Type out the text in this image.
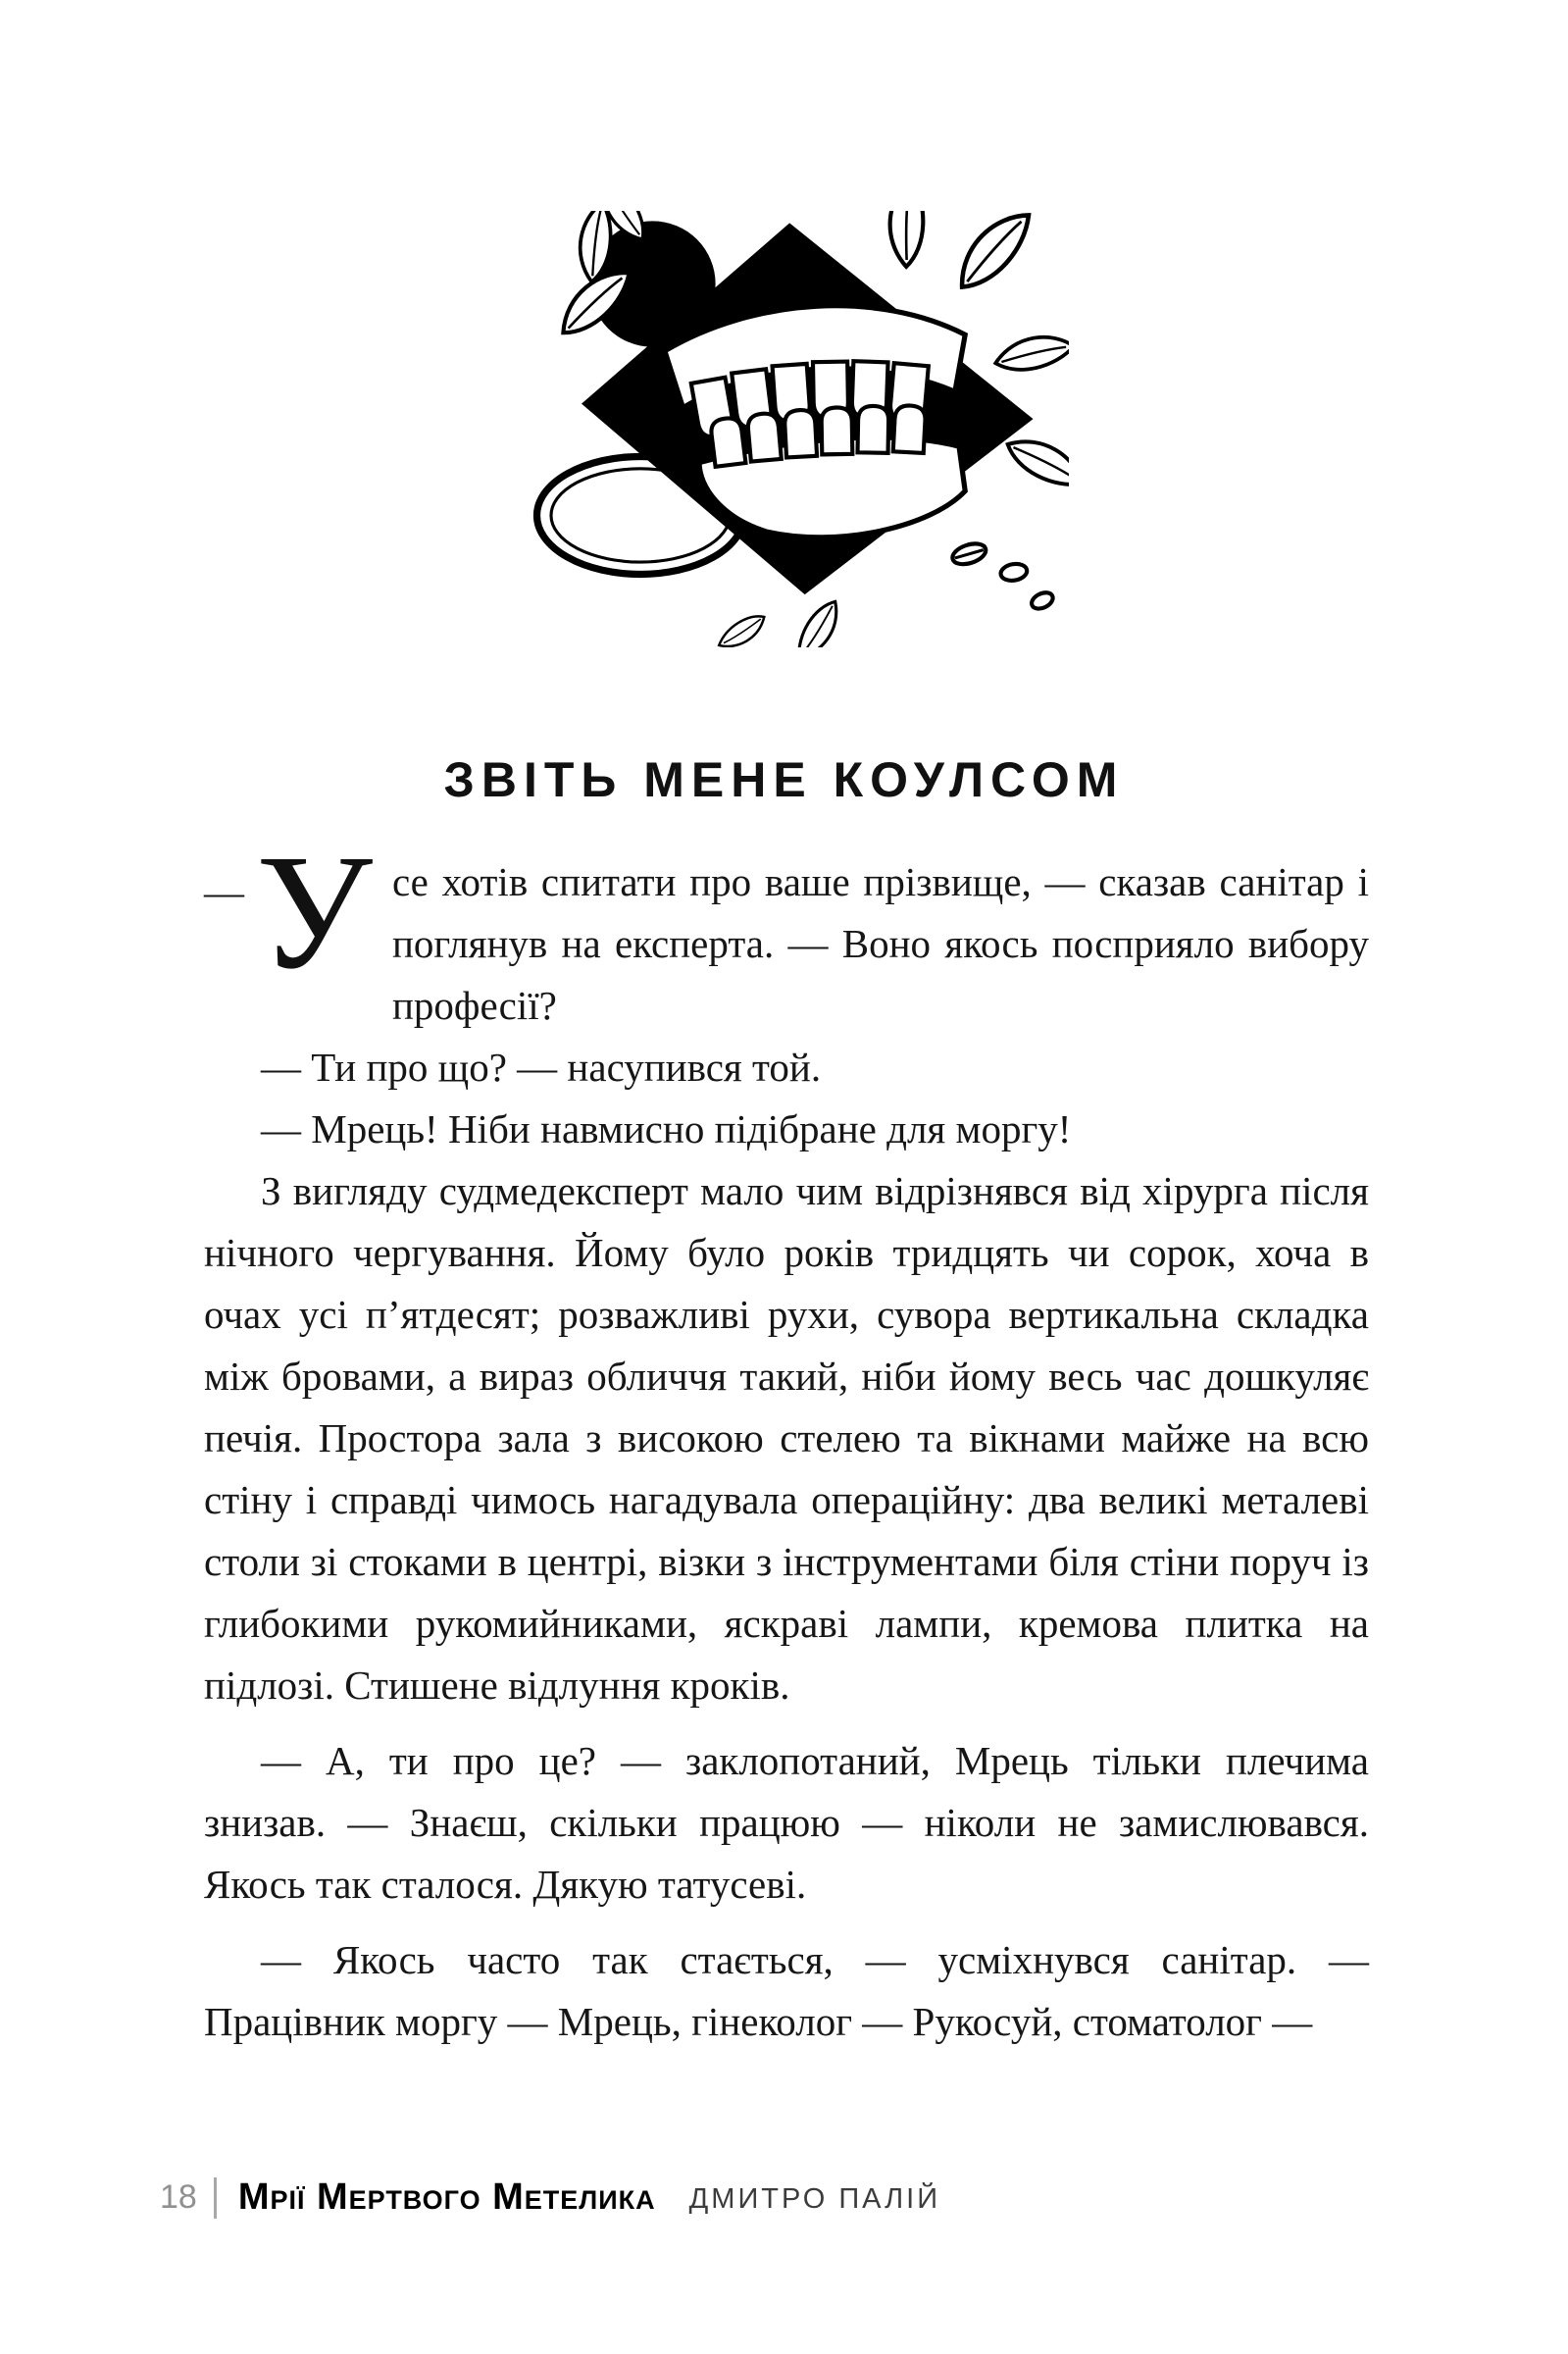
ЗВІТЬ МЕНЕ КОУЛСОМ

—У се хотів спитати про ваше прізвище, — сказав санітар і поглянув на експерта. — Воно якось посприяло вибору професії?

— Ти про що? — насупився той.

— Мрець! Ніби навмисно підібране для моргу!

З вигляду судмедексперт мало чим відрізнявся від хірурга після нічного чергування. Йому було років тридцять чи сорок, хоча в очах усі п’ятдесят; розважливі рухи, сувора вертикальна складка між бровами, а вираз обличчя такий, ніби йому весь час дошкуляє печія. Простора зала з високою стелею та вікнами майже на всю стіну і справді чимось нагадувала операційну: два великі металеві столи зі стоками в центрі, візки з інструментами біля стіни поруч із глибокими рукомийниками, яскраві лампи, кремова плитка на підлозі. Стишене відлуння кроків.

— А, ти про це? — заклопотаний, Мрець тільки плечима знизав. — Знаєш, скільки працюю — ніколи не замислювався. Якось так сталося. Дякую татусеві.

— Якось часто так стається, — усміхнувся санітар. — Працівник моргу — Мрець, гінеколог — Рукосуй, стоматолог —

18 Мрії Мертвого Метелика ДМИТРО ПАЛІЙ
